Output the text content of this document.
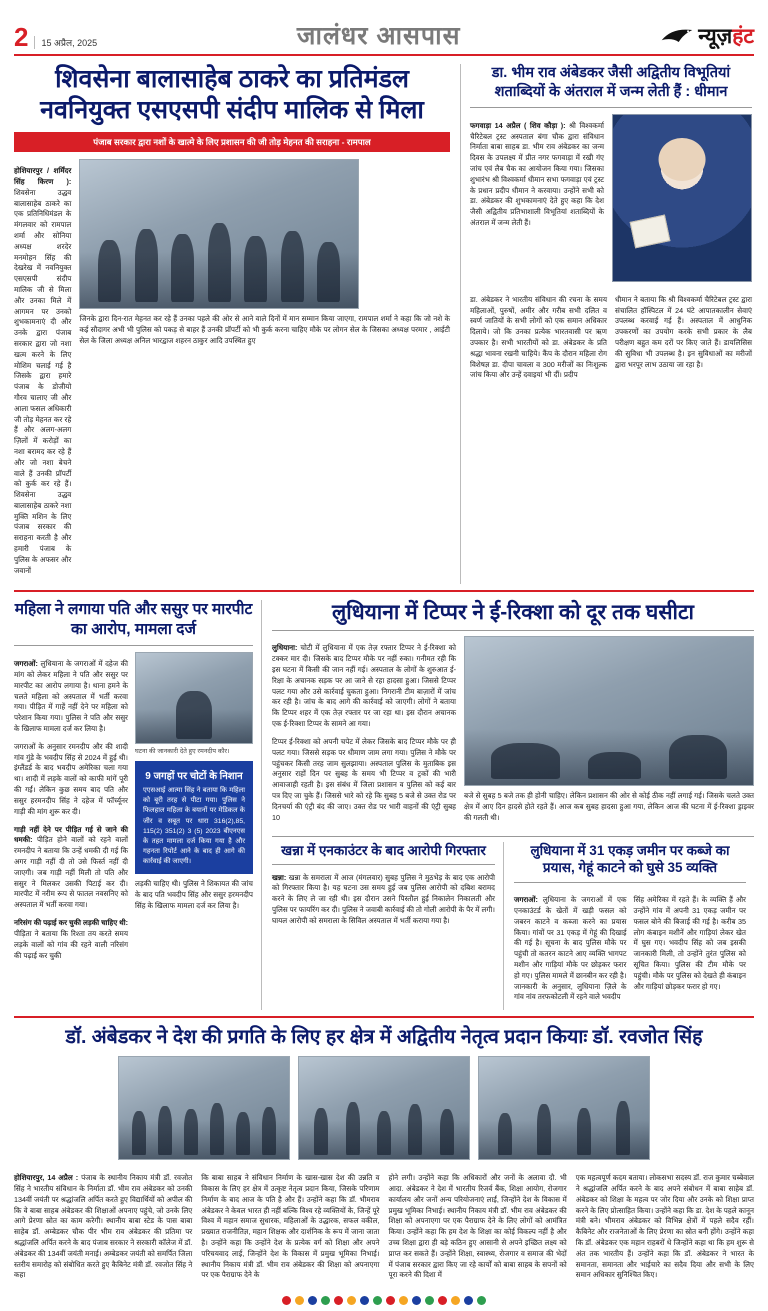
2	15 अप्रैल, 2025	जालंधर आसपास	न्यूज़हंट
शिवसेना बालासाहेब ठाकरे का प्रतिमंडल नवनियुक्त एसएसपी संदीप मालिक से मिला
पंजाब सरकार द्वारा नशों के खात्मे के लिए प्रशासन की जी तोड़ मेहनत की सराहना - रामपाल

होशियारपुर / शर्मिंदर सिंह किरण ): शिवसेना उद्धव बालासाहेब ठाकरे का एक प्रतिनिधिमंडल के मंगलवार को रामपाल शर्मा और सोनिया अध्यक्ष शरदेर मनमोहन सिंह की देखरेख में नवनियुक्त एसएसपी संदीप मालिक जी से मिला और उनका मिले में आगमन पर उनको शुभकामनाएं दी और उनके द्वारा पंजाब सरकार द्वारा जो नशा खत्म करने के लिए मोशिम चलाई गई है जिसके द्वारा हमारे पंजाब के डोजीयो गौरव चालाए जी और आला फसल अधिकारी जी तोड़ मेहनत कर रहे हैं और अलग-अलग ज़िलों में करोड़ों का नशा बरामद कर रहे हैं और जो नशा बेचने वाले हैं उनकी प्रॉपर्टी को कुर्क कर रहे हैं। शिवसेना उद्धव बालासाहेब ठाकरे नशा मुक्ति मशिन के लिए पंजाब सरकार की सराहना करती है और हमारी पंजाब के पुलिस के अफसर और जवानों

जिनके द्वारा दिन-रात मेहनत कर रहे हैं उनका पहले की ओर से आने वाले दिनों में मान सम्मान किया जाएगा, रामपाल शर्मा ने कहा कि जो नशे के कई सौदागर अभी भी पुलिस को पकड़ से बाहर हैं उनकी प्रॉपर्टी को भी कुर्क करना चाहिए मौके पर लोगन सेल के जिसका अध्यक्ष परमार , आईटी सेल के जिला अध्यक्ष अनिल भारद्वाज शहरन ठाकुर आदि उपस्थित हुए

डा. भीम राव अंबेडकर जैसी अद्वितीय विभूतियां शताब्दियों के अंतराल में जन्म लेती हैं : धीमान

फगवाड़ा 14 अप्रैल ( शिव कौड़ा ): श्री विश्वकर्मा चैरिटेबल ट्रस्ट अस्पताल बंगा चौक द्वारा संविधान निर्माता बाबा साहब डा. भीम राव अंबेडकर का जन्म दिवस के उपलक्ष्य में प्रीत नगर फगवाड़ा में रखी गंए जांच एवं लैब चैक का आयोजन किया गया। जिसका शुभारंभ श्री विश्वकर्मा धीमान सभा फगवाड़ा एवं ट्रस्ट के प्रधान प्रदीप धीमान ने करवाया। उन्होंने सभी को डा. अंबेडकर की शुभकामनाएं देते हुए कहा कि देश जैसी अद्वितीय प्रतिभाशाली विभूतियां शताब्दियों के अंतराल में जन्म लेती हैं।

डा. अंबेडकर ने भारतीय संविधान की रचना के समय महिलाओं, पुरुषों, अमीर और गरीब सभी दलित व स्वर्ण जातियों के सभी लोगों को एक समान अधिकार दिलाये। जो कि उनका प्रत्येक भारतवासी पर ऋण उपकार है। सभी भारतीयों को डा. अंबेडकर के प्रति श्रद्धा भावना रखनी चाहिये। कैंप के दौरान महिला रोग विशेषज्ञ डा. दीपा चावला व 300 मरीजों का निःशुल्क जांच किया और उन्हें दवाइयां भी दीं। प्रदीप

धीमान ने बताया कि श्री विश्वकर्मा चैरिटेबल ट्रस्ट द्वारा संचालित हॉस्पिटल में 24 घंटे आपातकालीन सेवाएं उपलब्ध करवाई गई हैं। अस्पताल में आधुनिक उपकरणों का उपयोग करके सभी प्रकार के लैब परीक्षण बहुत कम दरों पर किए जाते हैं। डायलिसिस की सुविधा भी उपलब्ध है। इन सुविधाओं का मरीजों द्वारा भरपूर लाभ उठाया जा रहा है।

महिला ने लगाया पति और ससुर पर मारपीट का आरोप, मामला दर्ज

जगराओं: लुधियाना के जगराओं में दहेज की मांग को लेकर महिला ने पति और ससुर पर मारपीट का आरोप लगाया है। थाना हमने के चलते महिला को अस्पताल में भर्ती करवा गया। पीड़ित में गाहें नहीं देने पर महिला को परेशान किया गया। पुलिस ने पति और ससुर के खिलाफ मामला दर्ज कर लिया है।

जगराओं के अनुसार रमनदीप और की शादी गांव गुंडे के भवदीप सिंह से 2024 में हुई थी। इंग्लैंडर्ड के बाद भवदीप अमेरिका चला गया था। शादी में लड़के वालों को काफी मांगें पूरी की गईं। लेकिन कुछ समय बाद पति और ससुर हरमनदीप सिंह ने दहेज में फॉर्च्यूनर गाड़ी की मांग शुरू कर दी।

गाड़ी नहीं देने पर पीड़ित गई से जाने की धमकी: पीड़ित होने वालों को रहने वालों रमनदीप ने बताया कि उन्हें धमकी दी गई कि अगर गाड़ी नहीं दी तो उसे फिर्स्त नहीं दी जाएगी। जब गाड़ी नहीं मिली तो पति और ससुर ने मिलकर उसकी पिटाई कर दी। मारपीट में नरीम रूप से फातल नवसनिए को अस्पताल में भर्ती करवा गया।

नरिसंग की पढ़ाई कर चुकी लड़की चाहिए थी: पीड़िता ने बताया कि रिश्ता तय करते समय लड़के वालों को गांव की रहने वाली नरिसंग की पढ़ाई कर चुकी

घटना की जानकारी देते हुए रमनदीप कौर।
9 जगहों पर चोटों के निशान

एएसआई आत्मा सिंह ने बताया कि महिला को बूरी तरह से पीटा गया। पुलिस ने फिलहाल महिला के बयानों पर मेडिकल के जीर व सबूत पर धारा 316(2),85, 115(2) 351(2) 3 (5) 2023 बीएनएस के तहत मामला दर्ज किया गया है और गहनता रिपोर्ट आने के बाद ही आगे की कार्रवाई की जाएगी।

लड़की चाहिए थी। पुलिस ने शिकायत की जांच के बाद पति भवदीप सिंह और ससुर हरमनदीप सिंह के खिलाफ मामला दर्ज कर लिया है।

लुधियाना में टिप्पर ने ई-रिक्शा को दूर तक घसीटा

लुधियाना: चोटी में लुधियाना में एक तेज़ रफ्तार टिप्पर ने ई-रिक्शा को टक्कर मार दी। जिसके बाद टिप्पर मौके पर नहीं रुका। गनीमत रही कि इस घटना में किसी की जान नहीं गई। अस्पताल के लोगों के शुरुआत ई-रिक्षा के अचानक सड़क पर आ जाने से रहा हादसा हुआ। जिससे टिप्पर पलट गया और उसे कार्रवाई चुकता हुआ। निगरानी टीम बाज़ारों में जांच कर रही है। जांच के बाद आगे की कार्रवाई को जाएगी। लोगों ने बताया कि टिप्पर शहर में एक तेज़ रफ्तार पर जा रहा था। इस दौरान अचानक एक ई-रिक्शा टिप्पर के सामने आ गया।

टिप्पर ई-रिक्शा को अपनी चपेट में लेकर जिसके बाद टिप्पर मौके पर ही पलट गया। जिससे सड़क पर धीमाण जाम लगा गया। पुलिस ने मौके पर पहुंचकर किसी तरह जाम सुलझाया। अस्पताल पुलिस के मुताबिक इस अनुसार राहों दिन पर सुबह के समय भी टिप्पर व ट्रकों की भारी आवाजाही रहती है। इस संबंध में जिला प्रशासन व पुलिस को कई बार पत्र दिए जा चुके हैं। जिससे भारे को रहे कि सुबह 5 बजे से उक्त रोड पर दिनचर्या की एंट्री बंद की जाए। उक्त रोड पर भारी वाहनों की एंट्री सुबह 10

बजे से सुबह 5 बजे तक ही होनी चाहिए। लेकिन प्रशासन की ओर से कोई ठीक नहीं लगाई गई। जिसके चलते उक्त क्षेत्र में आए दिन हादसे होते रहते हैं। आज कब सुबह हादसा हुआ गया, लेकिन आज की घटना में ई-रिक्शा ड्राइवर की गलती थी।

खन्ना में एनकाउंटर के बाद आरोपी गिरफ्तार

खन्ना: खन्ना के समराला में आज (मंगलवार) सुबह पुलिस ने मुठभेड़ के बाद एक आरोपी को गिरफ्तार किया है। यह घटना उस समय हुई जब पुलिस आरोपी को दबिश बरामद करने के लिए ले जा रही थी। इस दौरान उसने पिस्तौल हुई निकालेन निकालती और पुलिस पर फायरिंग कर दी। पुलिस ने जवाबी कार्रवाई की तो गोली आरोपी के पैर में लगी। घायल आरोपी को समराला के सिविल अस्पताल में भर्ती कराया गया है।

लुधियाना में 31 एकड़ जमीन पर कब्जे का प्रयास, गेहूं काटने को घुसे 35 व्यक्ति

जगराओं: लुधियाना के जगराओं में एक एनकाउंटर्ड के खेतों में खड़ी फसल को जबरन काटने व कब्जा करने का प्रयास किया। गांवों पर 31 एकड़ में गेहूं की दिखाई की गई है। सूचना के बाद पुलिस मौके पर पहुंची तो कतरन काटने आए व्यक्ति भागपट मशीन और गाड़ियां मौके पर छोड़कर फरार हो गए। पुलिस मामले में छानबीन कर रही है। जानकारी के अनुसार, लुधियाना ज़िले के गांव नांव तरफकोटली में रहने वाले भवदीप

सिंह अमेरिका में रहते हैं। के व्यक्ति हैं और उन्होंने गांव में अपनी 31 एकड़ जमीन पर फसल बोने की बिजाई की गई है। करीब 35 लोग कंबाइन मशीनें और गाड़ियां लेकर खेत में घुस गए। भवदीप सिंह को जब इसकी जानकारी मिली, तो उन्होंने तुरंत पुलिस को सूचित किया। पुलिस की टीम मौके पर पहुंची। मौके पर पुलिस को देखते ही कंबाइन और गाड़ियां छोड़कर फरार हो गए।

डॉ. अंबेडकर ने देश की प्रगति के लिए हर क्षेत्र में अद्वितीय नेतृत्व प्रदान कियाः डॉ. रवजोत सिंह

होशियारपुर, 14 अप्रैल : पंजाब के स्थानीय निकाय मंत्री डॉ. रवजोत सिंह ने भारतीय संविधान के निर्माता डॉ. भीम राव अंबेडकर को उनकी 134वीं जयंती पर श्रद्धांजलि अर्पित करते हुए विद्यार्थियों को अपील की कि वे बाबा साहब अंबेडकर की शिक्षाओं अपनाए पहुंचे, जो उनके लिए आगे प्रेरणा स्रोत का काम करेगी। स्थानीय बाबा स्टेड के पास बाबा साहेब डॉ. अम्बेडकर चौक पीर भीम राव अंबेडकर की प्रतिमा पर श्रद्धांजलि अर्पित करने के बाद पंजाब सरकार ने सरकारी कॉलेज में डॉ. अंबेडकर की 134वीं जयंती मनाई। अम्बेडकर जयंती को समर्पित जिला स्तरीय समारोह को संबोधित करते हुए कैबिनेट मंत्री डॉ. रवजोत सिंह ने कहा

कि बाबा साहब ने संविधान निर्माण के खास-खास देश की उन्नति व विकास के लिए हर क्षेत्र में उत्कृष्ट नेतृत्व प्रदान किया, जिसके परिणाम निर्माण के बाद आज के पति है और हैं। उन्होंने कहा कि डॉ. भीमराव अंबेडकर ने केवल भारत ही नहीं बल्कि विश्व रहे व्यक्तियों के, जिन्हें पूरे विश्व में महान समाज सुधारक, महिलाओं के उद्धारक, सफल वकील, प्रख्यात राजनीतिज्ञ, महान शिक्षक और दार्शनिक के रूप में जाना जाता है। उन्होंने कहा कि उन्होंने देश के प्रत्येक वर्ग को शिक्षा और अपने परिचयवाद लाई, जिन्होंने देश के विकास में प्रमुख भूमिका निभाई। स्थानीय निकाय मंत्री डॉ. भीम राव अंबेडकर की शिक्षा को अपनाएगा पर एक पैराग्राफ देने के

होने लगी। उन्होंने कहा कि अधिकारों और जनों के अलावा दौ. भी आदा. अंबेडकर ने देश में भारतीय रिजर्व बैंक, शिक्षा आयोग, रोजगार कार्यालय और जनों अन्य परियोजनाएं लाईं, जिन्होंने देश के विकास में प्रमुख भूमिका निभाई। स्थानीय निकाय मंत्री डॉ. भीम राव अंबेडकर की शिक्षा को अपनाएगा पर एक पैराग्राफ देने के लिए लोगों को आमंत्रित किया। उन्होंने कहा कि हम देश के शिक्षा का कोई विकल्प नहीं है और उच्च शिक्षा द्वारा ही बड़े कठिन हुए आसानी से अपने इच्छित लक्ष्य को प्राप्त कर सकते हैं। उन्होंने शिक्षा, स्वास्थ्य, रोजगार व समाज की भेदों में पंजाब सरकार द्वारा किए जा रहे कार्यों को बाबा साहब के सपनों को पूरा करने की दिशा में

एक महत्वपूर्ण कदम बताया। लोकसभा सदस्य डॉ. राज कुमार चब्बेवाल ने श्रद्धांजलि अर्पित करने के बाद अपने संबोधन में बाबा साहेब डॉ. अंबेडकर को शिक्षा के महत्व पर जोर दिया और उनके को शिक्षा प्राप्त करने के लिए प्रोत्साहित किया। उन्होंने कहा कि डा. देश के पहले कानून मंत्री बने। भीमराव अंबेडकर को विभिन्न क्षेत्रों में पहले सदैव रहीं। कैबिनेट और राजनेताओं के लिए प्रेरणा का स्रोत बनी होंगे। उन्होंने कहा कि डॉ. अंबेडकर एक महान राहबरों थे जिन्होंने कहा था कि हम शुरू से अंत तक भारतीय हैं। उन्होंने कहा कि डॉ. अंबेडकर ने भारत के समानता, समानता और भाईचारे का सदैव दिया और सभी के लिए समान अधिकार सुनिश्चित किए।
